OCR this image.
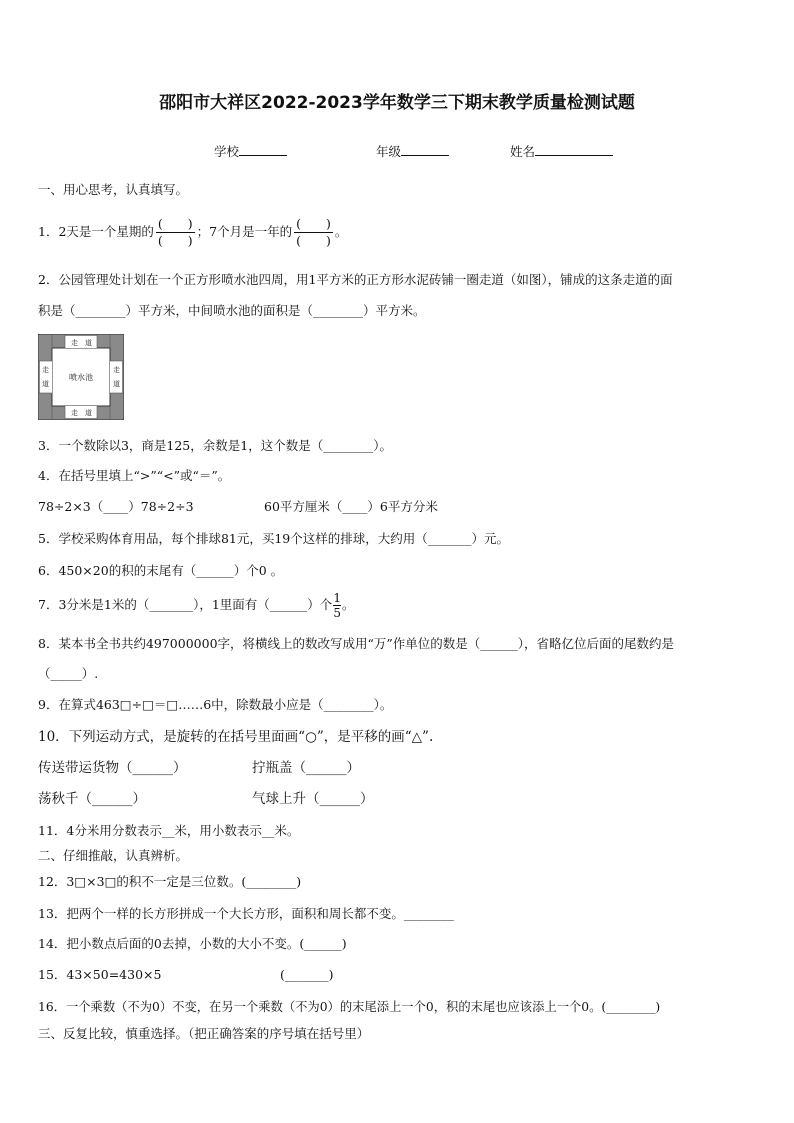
邵阳市大祥区2022-2023学年数学三下期末教学质量检测试题
学校	年级	姓名
一、用心思考，认真填写。
1．2天是一个星期的 $\frac{( )}{( )}$ ；7个月是一年的 $\frac{( )}{( )}$ 。
2．公园管理处计划在一个正方形喷水池四周，用1平方米的正方形水泥砖铺一圈走道（如图），铺成的这条走道的面
积是（________）平方米，中间喷水池的面积是（________）平方米。
走 道
走 道
走
道
走
道
喷水池
3．一个数除以3，商是125，余数是1，这个数是（________）。
4．在括号里填上“>”“<”或“＝”。
78÷2×3（____）78÷2÷3	60平方厘米（____）6平方分米
5．学校采购体育用品，每个排球81元，买19个这样的排球，大约用（_______）元。
6．450×20的积的末尾有（______）个0 。
7．3分米是1米的（_______），1里面有（______）个 $\frac{1}{5}$ 。
8．某本书全书共约497000000字，将横线上的数改写成用“万”作单位的数是（______），省略亿位后面的尾数约是
（_____）.
9．在算式463□÷□＝□……6中，除数最小应是（________）。
10．下列运动方式，是旋转的在括号里面画“○”，是平移的画“△”.
传送带运货物（______）	拧瓶盖（______）
荡秋千（______）	气球上升（______）
11．4分米用分数表示__米，用小数表示__米。
二、仔细推敲，认真辨析。
12．3□×3□的积不一定是三位数。(________)
13．把两个一样的长方形拼成一个大长方形，面积和周长都不变。________
14．把小数点后面的0去掉，小数的大小不变。(______)
15．43×50=430×5	(_______)
16．一个乘数（不为0）不变，在另一个乘数（不为0）的末尾添上一个0，积的末尾也应该添上一个0。(________)
三、反复比较，慎重选择。（把正确答案的序号填在括号里）
